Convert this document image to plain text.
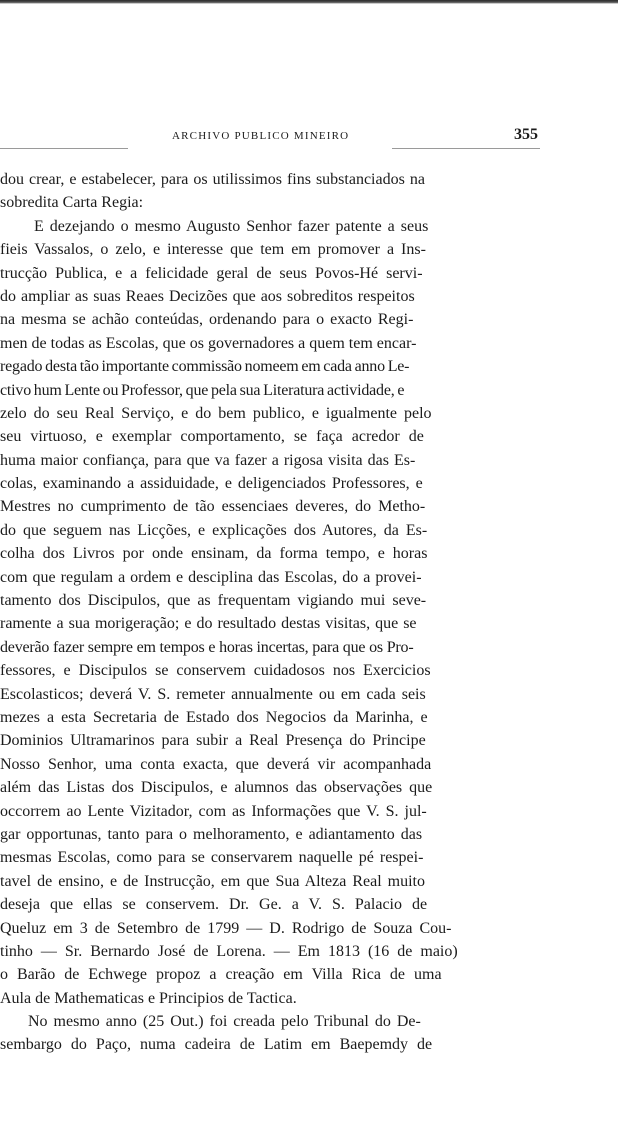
ARCHIVO PUBLICO MINEIRO	355
dou crear, e estabelecer, para os utilissimos fins substanciados na
sobredita Carta Regia:
E dezejando o mesmo Augusto Senhor fazer patente a seus
fieis Vassalos, o zelo, e interesse que tem em promover a Ins-
trucção Publica, e a felicidade geral de seus Povos-Hé servi-
do ampliar as suas Reaes Decizões que aos sobreditos respeitos
na mesma se achão conteúdas, ordenando para o exacto Regi-
men de todas as Escolas, que os governadores a quem tem encar-
regado desta tão importante commissão nomeem em cada anno Le-
ctivo hum Lente ou Professor, que pela sua Literatura actividade, e
zelo do seu Real Serviço, e do bem publico, e igualmente pelo
seu virtuoso, e exemplar comportamento, se faça acredor de
huma maior confiança, para que va fazer a rigosa visita das Es-
colas, examinando a assiduidade, e deligenciados Professores, e
Mestres no cumprimento de tão essenciaes deveres, do Metho-
do que seguem nas Licções, e explicações dos Autores, da Es-
colha dos Livros por onde ensinam, da forma tempo, e horas
com que regulam a ordem e desciplina das Escolas, do a provei-
tamento dos Discipulos, que as frequentam vigiando mui seve-
ramente a sua morigeração; e do resultado destas visitas, que se
deverão fazer sempre em tempos e horas incertas, para que os Pro-
fessores, e Discipulos se conservem cuidadosos nos Exercicios
Escolasticos; deverá V. S. remeter annualmente ou em cada seis
mezes a esta Secretaria de Estado dos Negocios da Marinha, e
Dominios Ultramarinos para subir a Real Presença do Principe
Nosso Senhor, uma conta exacta, que deverá vir acompanhada
além das Listas dos Discipulos, e alumnos das observações que
occorrem ao Lente Vizitador, com as Informações que V. S. jul-
gar opportunas, tanto para o melhoramento, e adiantamento das
mesmas Escolas, como para se conservarem naquelle pé respei-
tavel de ensino, e de Instrucção, em que Sua Alteza Real muito
deseja que ellas se conservem. Dr. Ge. a V. S. Palacio de
Queluz em 3 de Setembro de 1799 — D. Rodrigo de Souza Cou-
tinho — Sr. Bernardo José de Lorena. — Em 1813 (16 de maio)
o Barão de Echwege propoz a creação em Villa Rica de uma
Aula de Mathematicas e Principios de Tactica.
No mesmo anno (25 Out.) foi creada pelo Tribunal do De-
sembargo do Paço, numa cadeira de Latim em Baepemdy de
